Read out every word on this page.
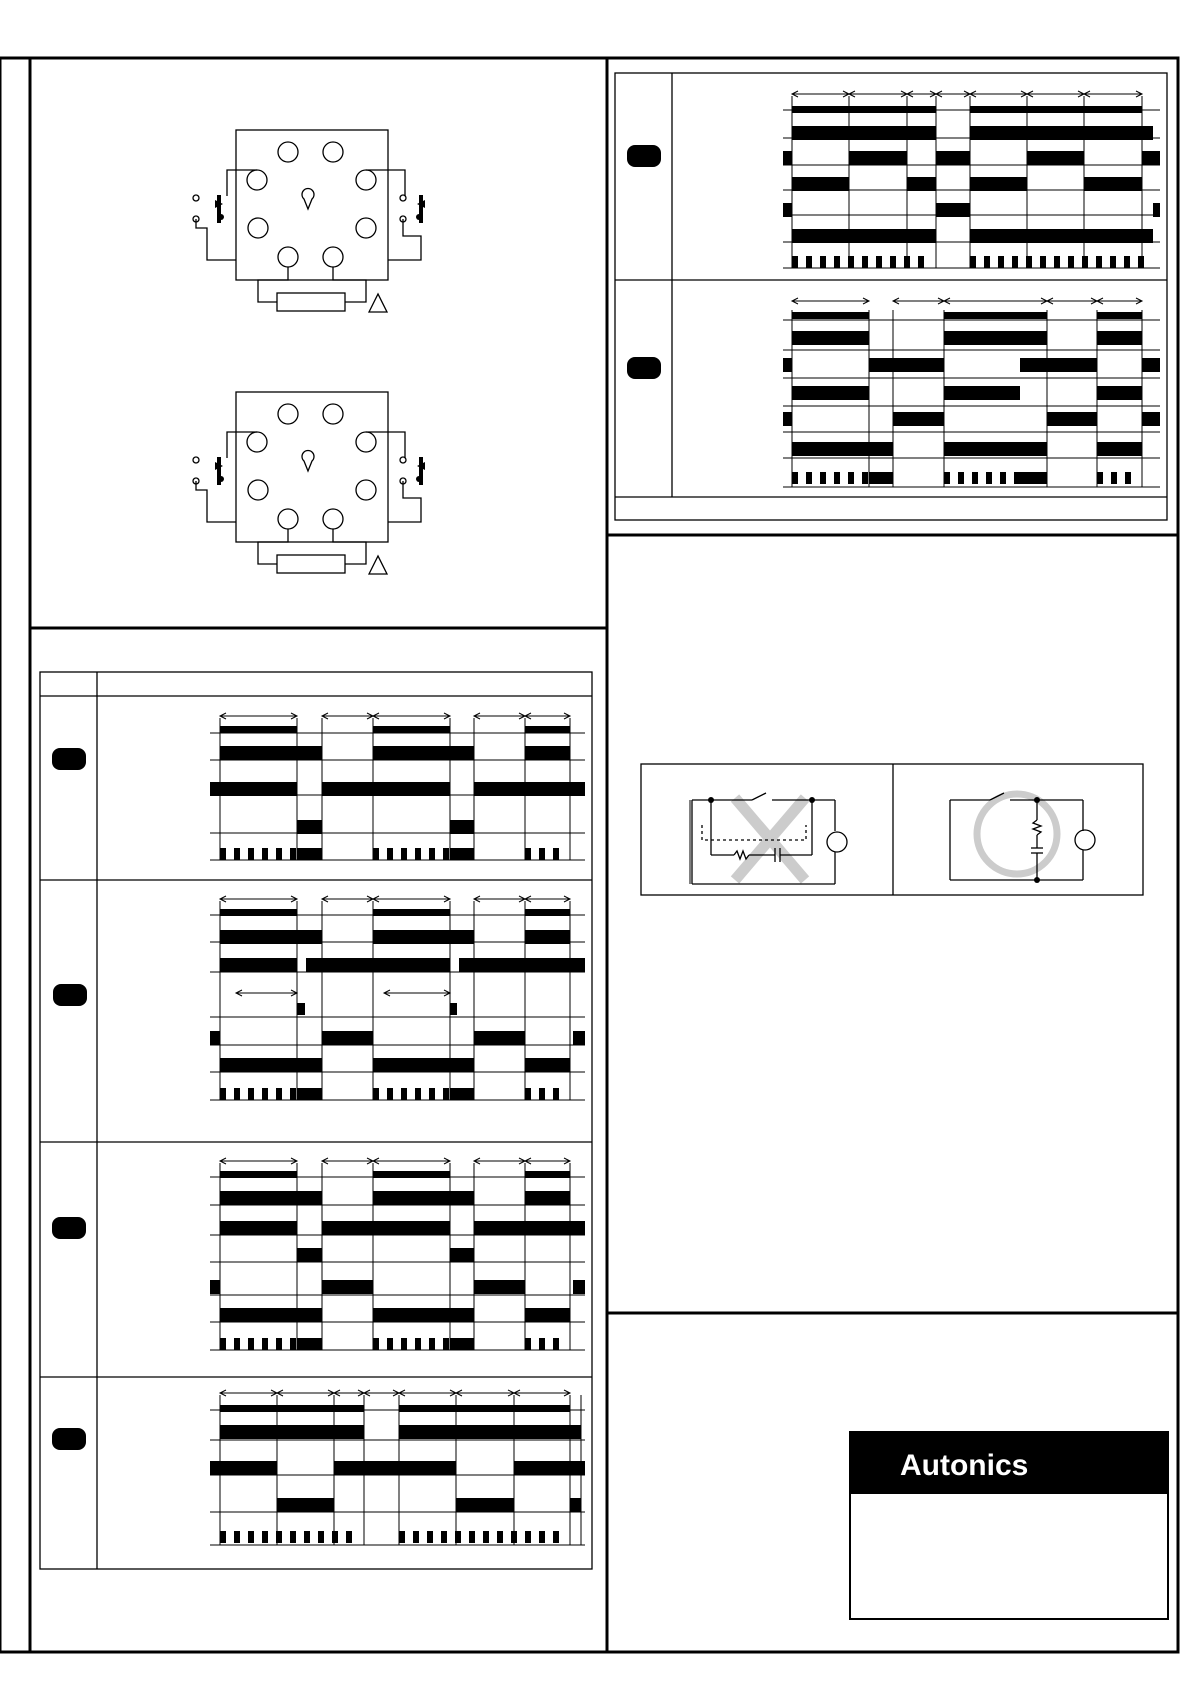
Autonics
